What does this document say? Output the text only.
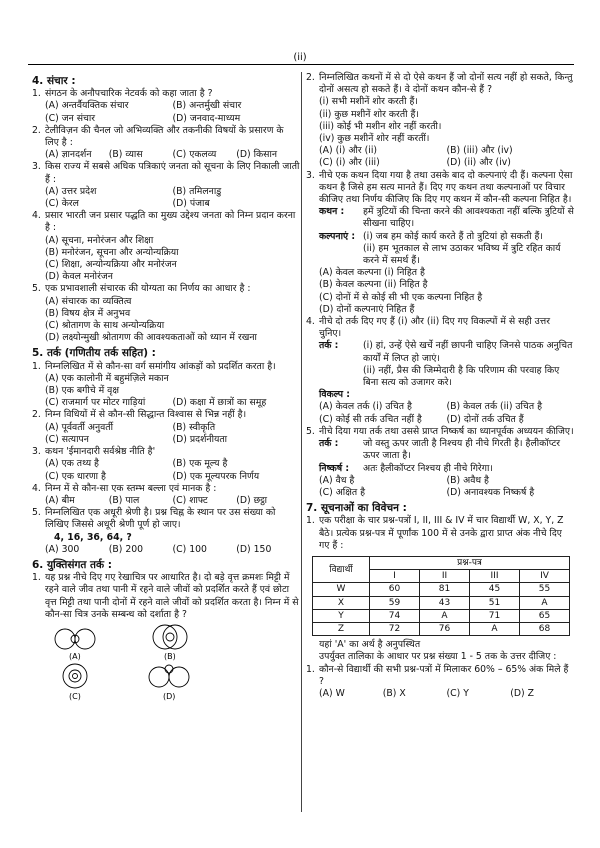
(ii)
4. संचार :
1. संगठन के अनौपचारिक नेटवर्क को कहा जाता है ?
(A) अन्तर्वैयक्तिक संचार	(B) अन्तर्मुखी संचार
(C) जन संचार	(D) जनवाद-माध्यम
2. टेलीविज़न की चैनल जो अभिव्यक्ति और तकनीकी विषयों के प्रसारण के लिए है :
(A) ज्ञानदर्शन	(B) व्यास	(C) एकलव्य	(D) किसान
3. किस राज्य में सबसे अधिक पत्रिकाएं जनता को सूचना के लिए निकाली जाती हैं :
(A) उत्तर प्रदेश	(B) तमिलनाडु
(C) केरल	(D) पंजाब
4. प्रसार भारती जन प्रसार पद्धति का मुख्य उद्देश्य जनता को निम्न प्रदान करना है :
(A) सूचना, मनोरंजन और शिक्षा
(B) मनोरंजन, सूचना और अन्योन्यक्रिया
(C) शिक्षा, अन्योन्यक्रिया और मनोरंजन
(D) केवल मनोरंजन
5. एक प्रभावशाली संचारक की योग्यता का निर्णय का आधार है :
(A) संचारक का व्यक्तित्व
(B) विषय क्षेत्र में अनुभव
(C) श्रोतागण के साथ अन्योन्यक्रिया
(D) लक्ष्योन्मुखी श्रोतागण की आवश्यकताओं को ध्यान में रखना
5. तर्क (गणितीय तर्क सहित) :
1. निम्नलिखित में से कौन-सा वर्ग समांगीय आंकड़ों को प्रदर्शित करता है।
(A) एक कालोनी में बहुमंज़िले मकान
(B) एक बगीचे में वृक्ष
(C) राजमार्ग पर मोटर गाड़ियां	(D) कक्षा में छात्रों का समूह
2. निम्न विधियों में से कौन-सी सिद्धान्त विश्वास से भिन्न नहीं है।
(A) पूर्ववर्ती अनुवर्ती	(B) स्वीकृति
(C) सत्यापन	(D) प्रदर्शनीयता
3. कथन 'ईमानदारी सर्वश्रेष्ठ नीति है'
(A) एक तथ्य है	(B) एक मूल्य है
(C) एक धारणा है	(D) एक मूल्यपरक निर्णय
4. निम्न में से कौन-सा एक स्तम्भ बल्ला एवं मानक है :
(A) बीम	(B) पाल	(C) शाफ्ट	(D) छट्ठा
5. निम्नलिखित एक अधूरी श्रेणी है। प्रश्न चिह्न के स्थान पर उस संख्या को लिखिए जिससे अधूरी श्रेणी पूर्ण हो जाए।
4, 16, 36, 64, ?
(A) 300	(B) 200	(C) 100	(D) 150
6. युक्तिसंगत तर्क :
1. यह प्रश्न नीचे दिए गए रेखाचित्र पर आधारित है। दो बड़े वृत्त क्रमशः मिट्टी में रहने वाले जीव तथा पानी में रहने वाले जीवों को प्रदर्शित करते हैं एवं छोटा वृत्त मिट्टी तथा पानी दोनों में रहने वाले जीवों को प्रदर्शित करता है। निम्न में से कौन-सा चित्र उनके सम्बन्ध को दर्शाता है ?
(A)	(B)
(C)	(D)
2. निम्नलिखित कथनों में से दो ऐसे कथन हैं जो दोनों सत्य नहीं हो सकते, किन्तु दोनों असत्य हो सकते हैं। वे दोनों कथन कौन-से हैं ?
(i) सभी मशीनें शोर करती हैं।
(ii) कुछ मशीनें शोर करती हैं।
(iii) कोई भी मशीन शोर नहीं करती।
(iv) कुछ मशीनें शोर नहीं करतीं।
(A) (i) और (ii)	(B) (iii) और (iv)
(C) (i) और (iii)	(D) (ii) और (iv)
3. नीचे एक कथन दिया गया है तथा उसके बाद दो कल्पनाएं दी हैं। कल्पना ऐसा कथन है जिसे हम सत्य मानते हैं। दिए गए कथन तथा कल्पनाओं पर विचार कीजिए तथा निर्णय कीजिए कि दिए गए कथन में कौन-सी कल्पना निहित है।
कथन :	हमें त्रुटियों की चिन्ता करने की आवश्यकता नहीं बल्कि त्रुटियों से सीखना चाहिए।
कल्पनाएं : (i) जब हम कोई कार्य करते हैं तो त्रुटियां हो सकती हैं।
(ii) हम भूतकाल से लाभ उठाकर भविष्य में त्रुटि रहित कार्य करने में समर्थ हैं।
(A) केवल कल्पना (i) निहित है
(B) केवल कल्पना (ii) निहित है
(C) दोनों में से कोई सी भी एक कल्पना निहित है
(D) दोनों कल्पनाएं निहित हैं
4. नीचे दो तर्क दिए गए हैं (i) और (ii) दिए गए विकल्पों में से सही उत्तर चुनिए।
तर्क :	(i) हां, उन्हें ऐसे खर्चे नहीं छापनी चाहिए जिनसे पाठक अनुचित कार्यों में लिप्त हो जाएं।
(ii) नहीं, प्रैस की जिम्मेदारी है कि परिणाम की परवाह किए बिना सत्य को उजागर करे।
विकल्प :
(A) केवल तर्क (i) उचित है	(B) केवल तर्क (ii) उचित है
(C) कोई सी तर्क उचित नहीं है	(D) दोनों तर्क उचित हैं
5. नीचे दिया गया तर्क तथा उससे प्राप्त निष्कर्ष का ध्यानपूर्वक अध्ययन कीजिए।
तर्क :	जो वस्तु ऊपर जाती है निश्चय ही नीचे गिरती है। हैलीकॉप्टर ऊपर जाता है।
निष्कर्ष :	अतः हैलीकॉप्टर निश्चय ही नीचे गिरेगा।
(A) वैध है	(B) अवैध है
(C) अक्षित है	(D) अनावश्यक निष्कर्ष है
7. सूचनाओं का विवेचन :
1. एक परीक्षा के चार प्रश्न-पत्रों I, II, III & IV में चार विद्यार्थी W, X, Y, Z बैठे। प्रत्येक प्रश्न-पत्र में पूर्णांक 100 में से उनके द्वारा प्राप्त अंक नीचे दिए गए हैं :
विद्यार्थी	प्रश्न-पत्र			
	I	II	III	IV
W	60	81	45	55
X	59	43	51	A
Y	74	A	71	65
Z	72	76	A	68
यहां 'A' का अर्थ है अनुपस्थित
उपर्युक्त तालिका के आधार पर प्रश्न संख्या 1 - 5 तक के उत्तर दीजिए :
1. कौन-से विद्यार्थी की सभी प्रश्न-पत्रों में मिलाकर 60% – 65% अंक मिले हैं ?
(A) W	(B) X	(C) Y	(D) Z
